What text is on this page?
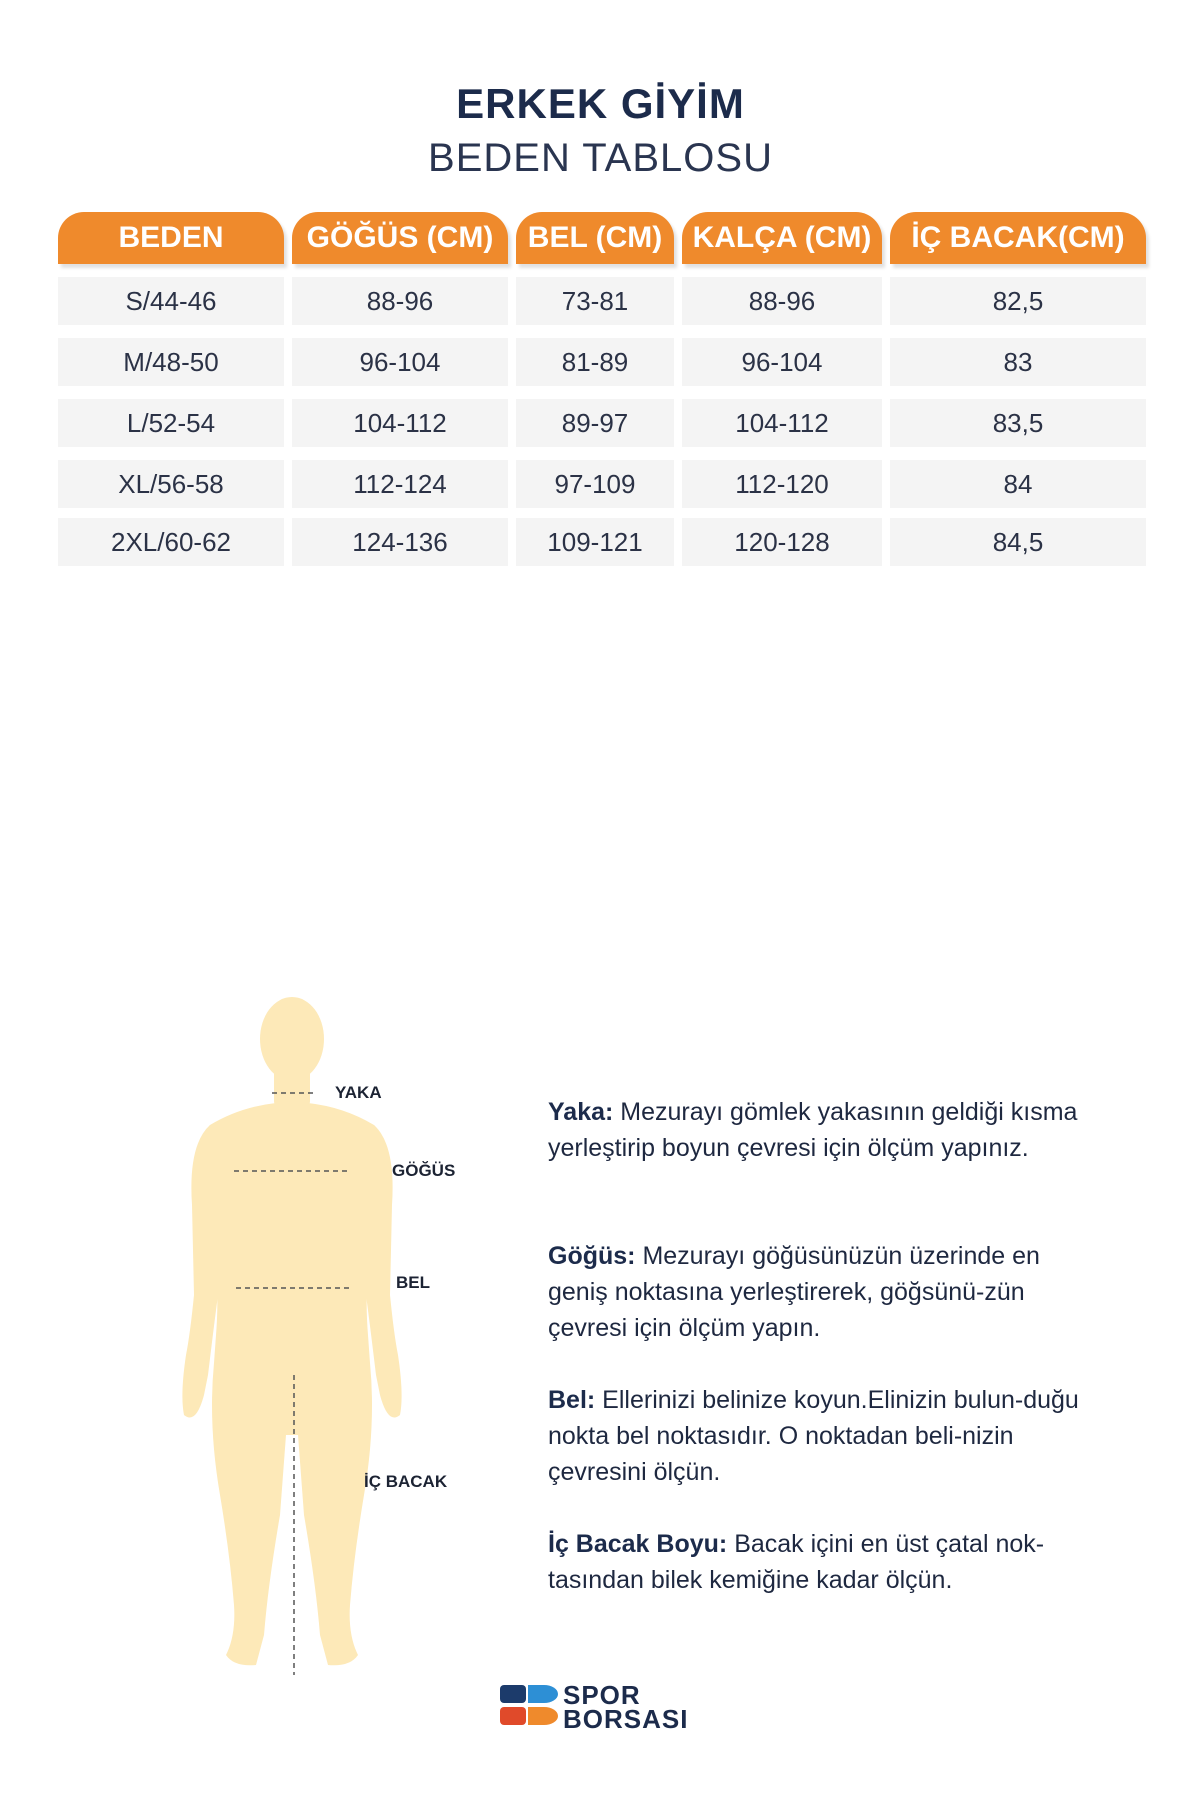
ERKEK GİYİM
BEDEN TABLOSU
BEDEN	GÖĞÜS (CM)	BEL (CM)	KALÇA (CM)	İÇ BACAK(CM)
S/44-46	88-96	73-81	88-96	82,5
M/48-50	96-104	81-89	96-104	83
L/52-54	104-112	89-97	104-112	83,5
XL/56-58	112-124	97-109	112-120	84
2XL/60-62	124-136	109-121	120-128	84,5
YAKA
GÖĞÜS
BEL
İÇ BACAK
Yaka: Mezurayı gömlek yakasının geldiği kısma yerleştirip boyun çevresi için ölçüm yapınız.
Göğüs: Mezurayı göğüsünüzün üzerinde en geniş noktasına yerleştirerek, göğsünü-zün çevresi için ölçüm yapın.
Bel: Ellerinizi belinize koyun.Elinizin bulun-duğu nokta bel noktasıdır. O noktadan beli-nizin çevresini ölçün.
İç Bacak Boyu: Bacak içini en üst çatal nok-tasından bilek kemiğine kadar ölçün.
SPOR
BORSASI
